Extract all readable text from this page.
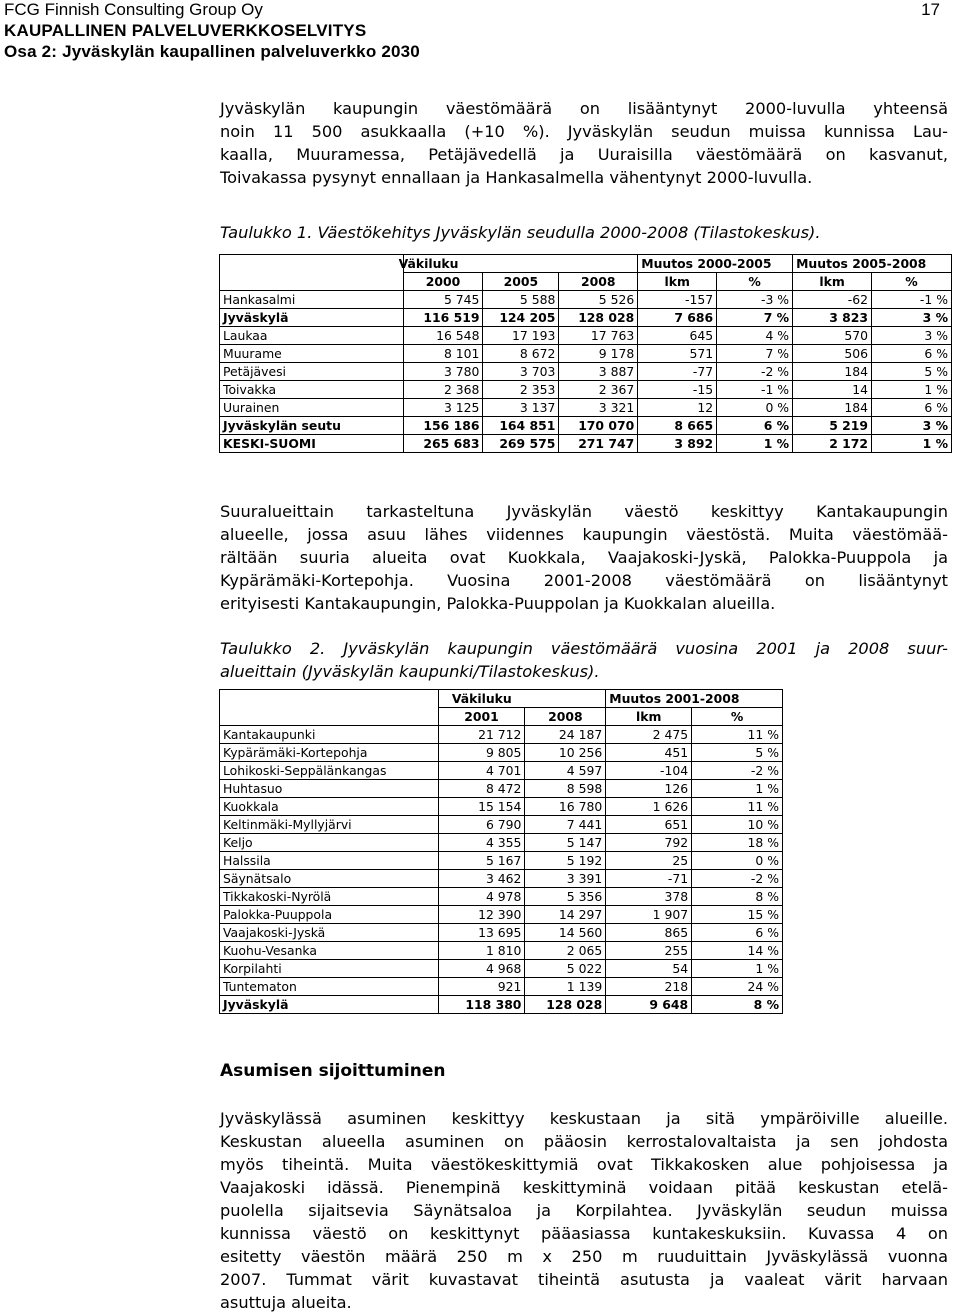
FCG Finnish Consulting Group Oy
KAUPALLINEN PALVELUVERKKOSELVITYS
Osa 2: Jyväskylän kaupallinen palveluverkko 2030
17
Jyväskylän kaupungin väestömäärä on lisääntynyt 2000-luvulla yhteensä
noin 11 500 asukkaalla (+10 %). Jyväskylän seudun muissa kunnissa Lau-
kaalla, Muuramessa, Petäjävedellä ja Uuraisilla väestömäärä on kasvanut,
Toivakassa pysynyt ennallaan ja Hankasalmella vähentynyt 2000-luvulla.
Taulukko 1. Väestökehitys Jyväskylän seudulla 2000-2008 (Tilastokeskus).
	Väkiluku			Muutos 2000-2005		Muutos 2005-2008	
	2000	2005	2008	lkm	%	lkm	%
Hankasalmi	5 745	5 588	5 526	-157	-3 %	-62	-1 %
Jyväskylä	116 519	124 205	128 028	7 686	7 %	3 823	3 %
Laukaa	16 548	17 193	17 763	645	4 %	570	3 %
Muurame	8 101	8 672	9 178	571	7 %	506	6 %
Petäjävesi	3 780	3 703	3 887	-77	-2 %	184	5 %
Toivakka	2 368	2 353	2 367	-15	-1 %	14	1 %
Uurainen	3 125	3 137	3 321	12	0 %	184	6 %
Jyväskylän seutu	156 186	164 851	170 070	8 665	6 %	5 219	3 %
KESKI-SUOMI	265 683	269 575	271 747	3 892	1 %	2 172	1 %
Suuralueittain tarkasteltuna Jyväskylän väestö keskittyy Kantakaupungin
alueelle, jossa asuu lähes viidennes kaupungin väestöstä. Muita väestömää-
rältään suuria alueita ovat Kuokkala, Vaajakoski-Jyskä, Palokka-Puuppola ja
Kypärämäki-Kortepohja. Vuosina 2001-2008 väestömäärä on lisääntynyt
erityisesti Kantakaupungin, Palokka-Puuppolan ja Kuokkalan alueilla.
Taulukko 2. Jyväskylän kaupungin väestömäärä vuosina 2001 ja 2008 suur-
alueittain (Jyväskylän kaupunki/Tilastokeskus).
	Väkiluku		Muutos 2001-2008	
	2001	2008	lkm	%
Kantakaupunki	21 712	24 187	2 475	11 %
Kypärämäki-Kortepohja	9 805	10 256	451	5 %
Lohikoski-Seppälänkangas	4 701	4 597	-104	-2 %
Huhtasuo	8 472	8 598	126	1 %
Kuokkala	15 154	16 780	1 626	11 %
Keltinmäki-Myllyjärvi	6 790	7 441	651	10 %
Keljo	4 355	5 147	792	18 %
Halssila	5 167	5 192	25	0 %
Säynätsalo	3 462	3 391	-71	-2 %
Tikkakoski-Nyrölä	4 978	5 356	378	8 %
Palokka-Puuppola	12 390	14 297	1 907	15 %
Vaajakoski-Jyskä	13 695	14 560	865	6 %
Kuohu-Vesanka	1 810	2 065	255	14 %
Korpilahti	4 968	5 022	54	1 %
Tuntematon	921	1 139	218	24 %
Jyväskylä	118 380	128 028	9 648	8 %
Asumisen sijoittuminen
Jyväskylässä asuminen keskittyy keskustaan ja sitä ympäröiville alueille.
Keskustan alueella asuminen on pääosin kerrostalovaltaista ja sen johdosta
myös tiheintä. Muita väestökeskittymiä ovat Tikkakosken alue pohjoisessa ja
Vaajakoski idässä. Pienempinä keskittyminä voidaan pitää keskustan etelä-
puolella sijaitsevia Säynätsaloa ja Korpilahtea. Jyväskylän seudun muissa
kunnissa väestö on keskittynyt pääasiassa kuntakeskuksiin. Kuvassa 4 on
esitetty väestön määrä 250 m x 250 m ruuduittain Jyväskylässä vuonna
2007. Tummat värit kuvastavat tiheintä asutusta ja vaaleat värit harvaan
asuttuja alueita.
